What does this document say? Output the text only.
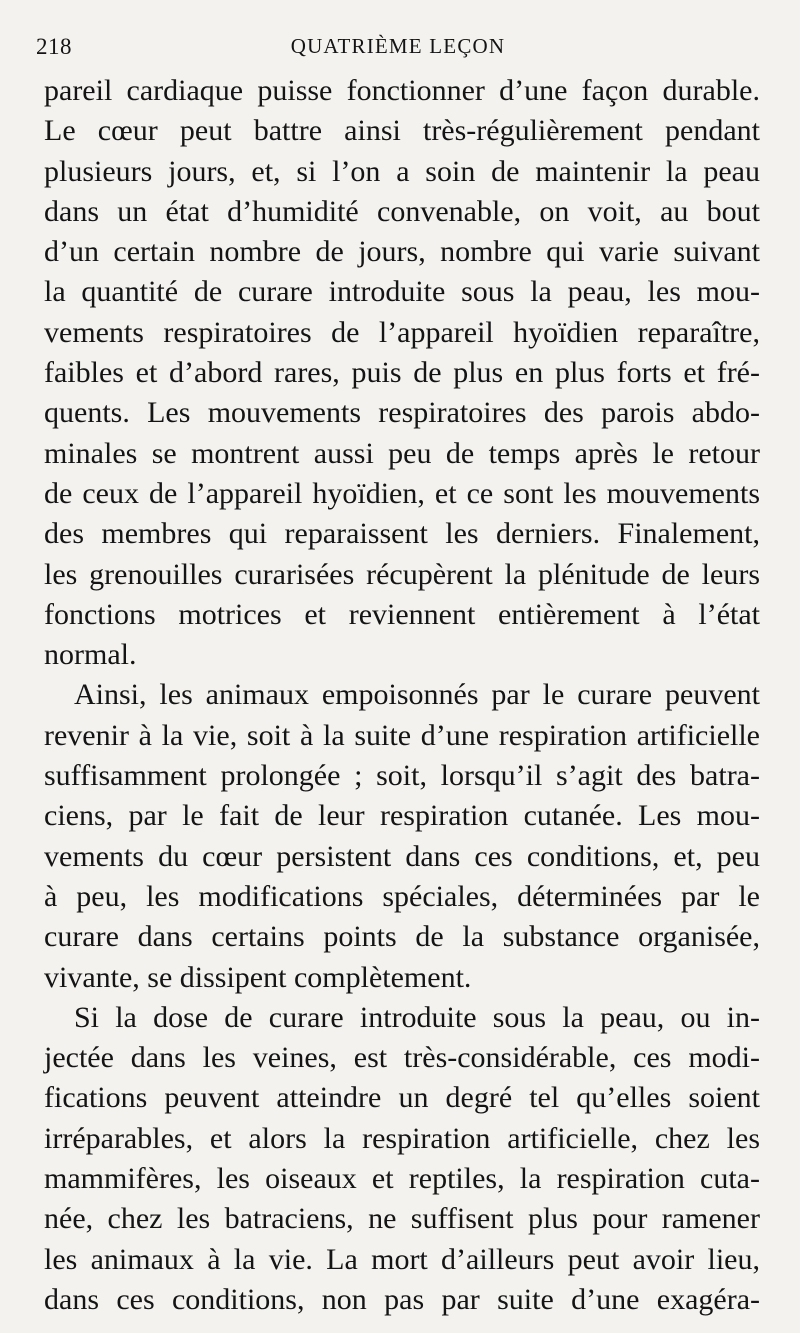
218	QUATRIÈME LEÇON
pareil cardiaque puisse fonctionner d’une façon durable.
Le cœur peut battre ainsi très-régulièrement pendant
plusieurs jours, et, si l’on a soin de maintenir la peau
dans un état d’humidité convenable, on voit, au bout
d’un certain nombre de jours, nombre qui varie suivant
la quantité de curare introduite sous la peau, les mou-
vements respiratoires de l’appareil hyoïdien reparaître,
faibles et d’abord rares, puis de plus en plus forts et fré-
quents. Les mouvements respiratoires des parois abdo-
minales se montrent aussi peu de temps après le retour
de ceux de l’appareil hyoïdien, et ce sont les mouvements
des membres qui reparaissent les derniers. Finalement,
les grenouilles curarisées récupèrent la plénitude de leurs
fonctions motrices et reviennent entièrement à l’état
normal.
Ainsi, les animaux empoisonnés par le curare peuvent
revenir à la vie, soit à la suite d’une respiration artificielle
suffisamment prolongée ; soit, lorsqu’il s’agit des batra-
ciens, par le fait de leur respiration cutanée. Les mou-
vements du cœur persistent dans ces conditions, et, peu
à peu, les modifications spéciales, déterminées par le
curare dans certains points de la substance organisée,
vivante, se dissipent complètement.
Si la dose de curare introduite sous la peau, ou in-
jectée dans les veines, est très-considérable, ces modi-
fications peuvent atteindre un degré tel qu’elles soient
irréparables, et alors la respiration artificielle, chez les
mammifères, les oiseaux et reptiles, la respiration cuta-
née, chez les batraciens, ne suffisent plus pour ramener
les animaux à la vie. La mort d’ailleurs peut avoir lieu,
dans ces conditions, non pas par suite d’une exagéra-
